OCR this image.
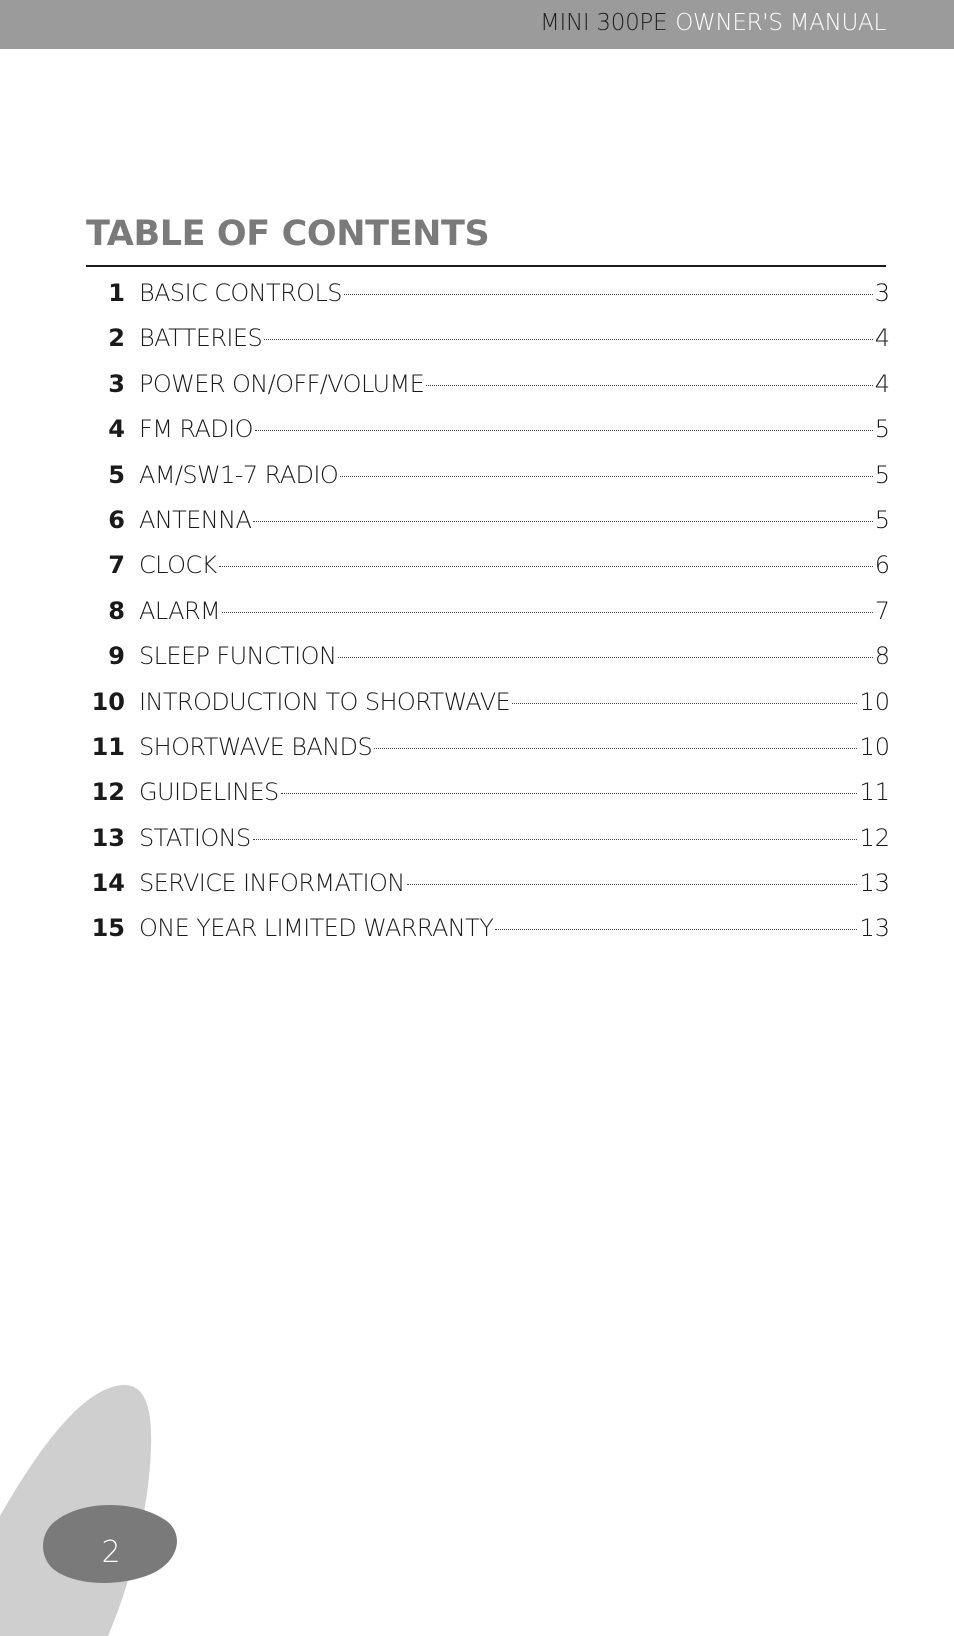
MINI 300PE OWNER'S MANUAL
TABLE OF CONTENTS
1 BASIC CONTROLS	3
2 BATTERIES	4
3 POWER ON/OFF/VOLUME	4
4 FM RADIO	5
5 AM/SW1-7 RADIO	5
6 ANTENNA	5
7 CLOCK	6
8 ALARM	7
9 SLEEP FUNCTION	8
10 INTRODUCTION TO SHORTWAVE	10
11 SHORTWAVE BANDS	10
12 GUIDELINES	11
13 STATIONS	12
14 SERVICE INFORMATION	13
15 ONE YEAR LIMITED WARRANTY	13
2
